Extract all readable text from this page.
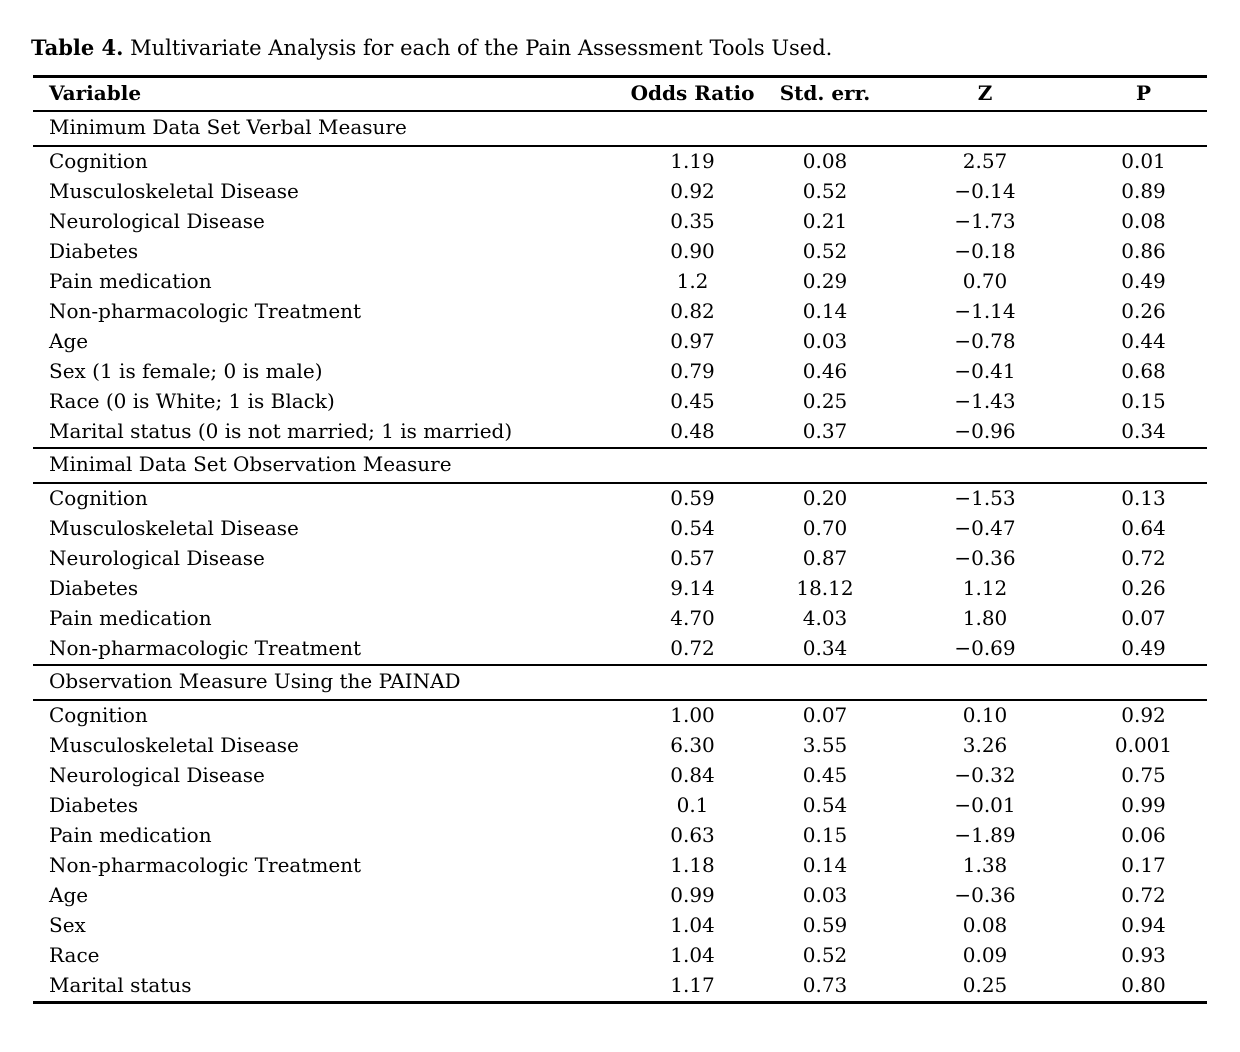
Table 4. Multivariate Analysis for each of the Pain Assessment Tools Used.

Variable	Odds Ratio	Std. err.	Z	P
Minimum Data Set Verbal Measure				
Cognition	1.19	0.08	2.57	0.01
Musculoskeletal Disease	0.92	0.52	−0.14	0.89
Neurological Disease	0.35	0.21	−1.73	0.08
Diabetes	0.90	0.52	−0.18	0.86
Pain medication	1.2	0.29	0.70	0.49
Non-pharmacologic Treatment	0.82	0.14	−1.14	0.26
Age	0.97	0.03	−0.78	0.44
Sex (1 is female; 0 is male)	0.79	0.46	−0.41	0.68
Race (0 is White; 1 is Black)	0.45	0.25	−1.43	0.15
Marital status (0 is not married; 1 is married)	0.48	0.37	−0.96	0.34
Minimal Data Set Observation Measure				
Cognition	0.59	0.20	−1.53	0.13
Musculoskeletal Disease	0.54	0.70	−0.47	0.64
Neurological Disease	0.57	0.87	−0.36	0.72
Diabetes	9.14	18.12	1.12	0.26
Pain medication	4.70	4.03	1.80	0.07
Non-pharmacologic Treatment	0.72	0.34	−0.69	0.49
Observation Measure Using the PAINAD				
Cognition	1.00	0.07	0.10	0.92
Musculoskeletal Disease	6.30	3.55	3.26	0.001
Neurological Disease	0.84	0.45	−0.32	0.75
Diabetes	0.1	0.54	−0.01	0.99
Pain medication	0.63	0.15	−1.89	0.06
Non-pharmacologic Treatment	1.18	0.14	1.38	0.17
Age	0.99	0.03	−0.36	0.72
Sex	1.04	0.59	0.08	0.94
Race	1.04	0.52	0.09	0.93
Marital status	1.17	0.73	0.25	0.80
